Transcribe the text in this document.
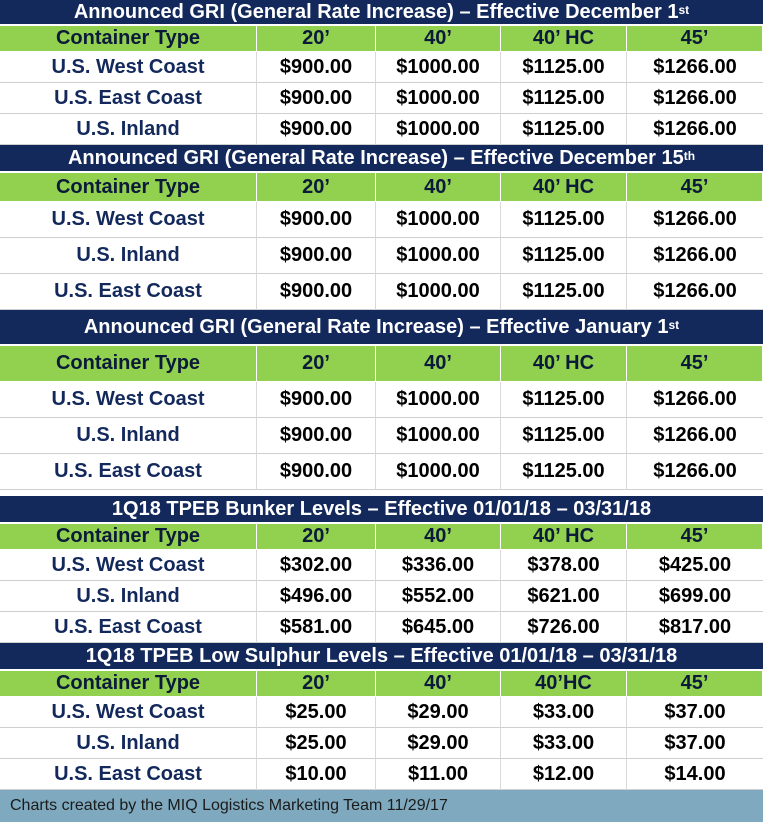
Announced GRI (General Rate Increase) – Effective December 1st
Container Type	20’	40’	40’ HC	45’
U.S. West Coast	$900.00	$1000.00	$1125.00	$1266.00
U.S. East Coast	$900.00	$1000.00	$1125.00	$1266.00
U.S. Inland	$900.00	$1000.00	$1125.00	$1266.00
Announced GRI (General Rate Increase) – Effective December 15th
Container Type	20’	40’	40’ HC	45’
U.S. West Coast	$900.00	$1000.00	$1125.00	$1266.00
U.S. Inland	$900.00	$1000.00	$1125.00	$1266.00
U.S. East Coast	$900.00	$1000.00	$1125.00	$1266.00
Announced GRI (General Rate Increase) – Effective January 1st
Container Type	20’	40’	40’ HC	45’
U.S. West Coast	$900.00	$1000.00	$1125.00	$1266.00
U.S. Inland	$900.00	$1000.00	$1125.00	$1266.00
U.S. East Coast	$900.00	$1000.00	$1125.00	$1266.00
1Q18 TPEB Bunker Levels – Effective 01/01/18 – 03/31/18
Container Type	20’	40’	40’ HC	45’
U.S. West Coast	$302.00	$336.00	$378.00	$425.00
U.S. Inland	$496.00	$552.00	$621.00	$699.00
U.S. East Coast	$581.00	$645.00	$726.00	$817.00
1Q18 TPEB Low Sulphur Levels – Effective 01/01/18 – 03/31/18
Container Type	20’	40’	40’HC	45’
U.S. West Coast	$25.00	$29.00	$33.00	$37.00
U.S. Inland	$25.00	$29.00	$33.00	$37.00
U.S. East Coast	$10.00	$11.00	$12.00	$14.00
Charts created by the MIQ Logistics Marketing Team 11/29/17
